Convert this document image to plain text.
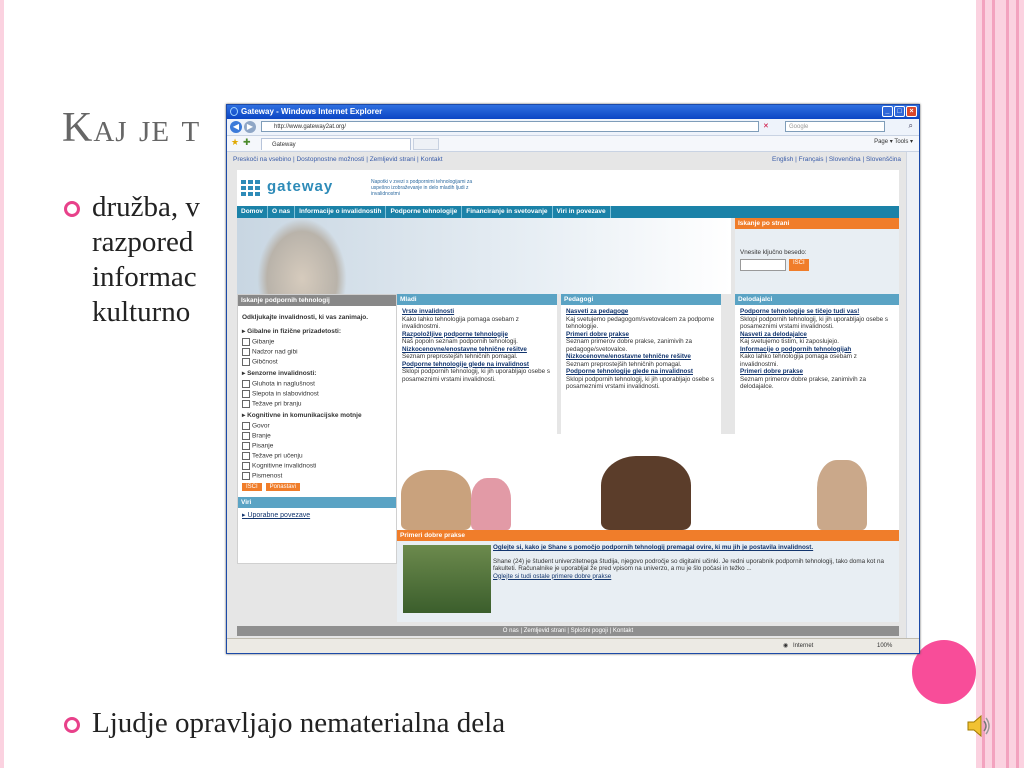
Kaj je t
družba, v
razpored
informac
kulturno
Ljudje opravljajo nematerialna dela
Gateway - Windows Internet Explorer	_	□	×
◀ ▶	http://www.gateway2at.org/	✕	Google	⌕
★ ✚	Gateway	Page ▾ Tools ▾
Preskoči na vsebino | Dostopnostne možnosti | Zemljevid strani | Kontakt	English | Français | Slovenčina | Slovenščina
gateway	Napotki v zvezi s podpornimi tehnologijami za uspešno izobraževanje in delo mladih ljudi z invalidnostmi
Domov	O nas	Informacije o invalidnostih	Podporne tehnologije	Financiranje in svetovanje	Viri in povezave
Iskanje po strani
Vnesite ključno besedo:
ISČI
Iskanje podpornih tehnologij
Odkljukajte invalidnosti, ki vas zanimajo.
▸ Gibalne in fizične prizadetosti:
Gibanje
Nadzor nad gibi
Gibčnost
▸ Senzorne invalidnosti:
Gluhota in naglušnost
Slepota in slabovidnost
Težave pri branju
▸ Kognitivne in komunikacijske motnje
Govor
Branje
Pisanje
Težave pri učenju
Kognitivne invalidnosti
Pismenost
IŠČI Ponastavi
Viri
▸ Uporabne povezave
Mladi
Vrste invalidnosti
Kako lahko tehnologija pomaga osebam z invalidnostmi.
Razpoložljive podporne tehnologije
Naš popoln seznam podpornih tehnologij.
Nizkocenovne/enostavne tehnične rešitve
Seznam preprostejših tehničnih pomagal.
Podporne tehnologije glede na invalidnost
Sklopi podpornih tehnologij, ki jih uporabljajo osebe s posameznimi vrstami invalidnosti.
Pedagogi
Nasveti za pedagoge
Kaj svetujemo pedagogom/svetovalcem za podporne tehnologije.
Primeri dobre prakse
Seznam primerov dobre prakse, zanimivih za pedagoge/svetovalce.
Nizkocenovne/enostavne tehnične rešitve
Seznam preprostejših tehničnih pomagal.
Podporne tehnologije glede na invalidnost
Sklopi podpornih tehnologij, ki jih uporabljajo osebe s posameznimi vrstami invalidnosti.
Delodajalci
Podporne tehnologije se tičejo tudi vas!
Sklopi podpornih tehnologij, ki jih uporabljajo osebe s posameznimi vrstami invalidnosti.
Nasveti za delodajalce
Kaj svetujemo tistim, ki zaposlujejo.
Informacije o podpornih tehnologijah
Kako lahko tehnologija pomaga osebam z invalidnostmi.
Primeri dobre prakse
Seznam primerov dobre prakse, zanimivih za delodajalce.
Primeri dobre prakse
Oglejte si, kako je Shane s pomočjo podpornih tehnologij premagal ovire, ki mu jih je postavila invalidnost.

Shane (24) je študent univerzitetnega študija, njegovo področje so digitalni učinki. Je redni uporabnik podpornih tehnologij, tako doma kot na fakulteti. Računalnike je uporabljal že pred vpisom na univerzo, a mu je šlo počasi in težko ...

Oglejte si tudi ostale primere dobre prakse
O nas | Zemljevid strani | Splošni pogoji | Kontakt
◉ Internet	100%
